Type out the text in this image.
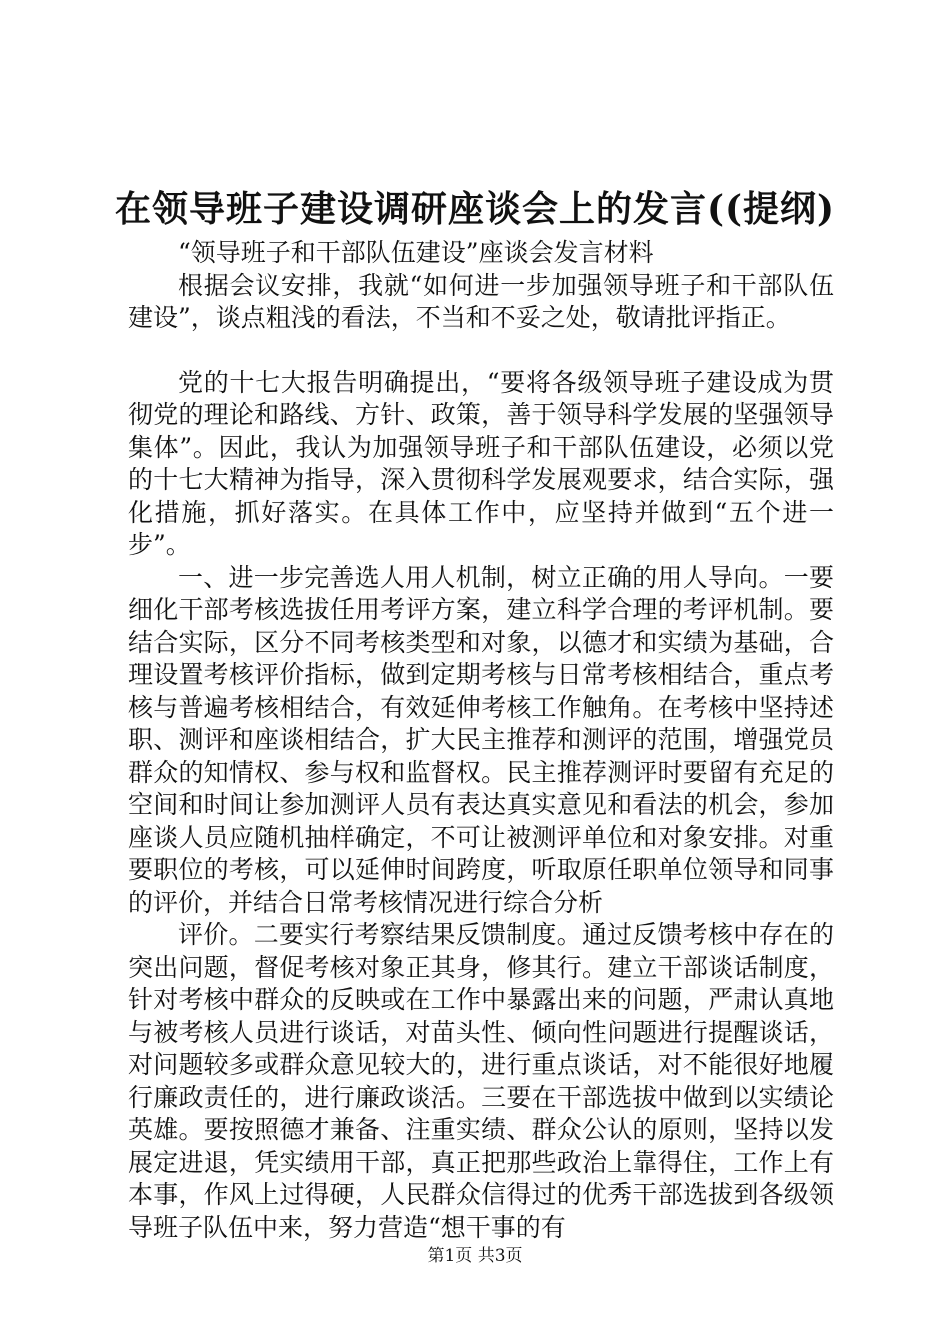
在领导班子建设调研座谈会上的发言((提纲)

“领导班子和干部队伍建设”座谈会发言材料

根据会议安排，我就“如何进一步加强领导班子和干部队伍建设”，谈点粗浅的看法，不当和不妥之处，敬请批评指正。

党的十七大报告明确提出，“要将各级领导班子建设成为贯彻党的理论和路线、方针、政策，善于领导科学发展的坚强领导集体”。因此，我认为加强领导班子和干部队伍建设，必须以党的十七大精神为指导，深入贯彻科学发展观要求，结合实际，强化措施，抓好落实。在具体工作中，应坚持并做到“五个进一步”。

一、进一步完善选人用人机制，树立正确的用人导向。一要细化干部考核选拔任用考评方案，建立科学合理的考评机制。要结合实际，区分不同考核类型和对象，以德才和实绩为基础，合理设置考核评价指标，做到定期考核与日常考核相结合，重点考核与普遍考核相结合，有效延伸考核工作触角。在考核中坚持述职、测评和座谈相结合，扩大民主推荐和测评的范围，增强党员群众的知情权、参与权和监督权。民主推荐测评时要留有充足的空间和时间让参加测评人员有表达真实意见和看法的机会，参加座谈人员应随机抽样确定，不可让被测评单位和对象安排。对重要职位的考核，可以延伸时间跨度，听取原任职单位领导和同事的评价，并结合日常考核情况进行综合分析

评价。二要实行考察结果反馈制度。通过反馈考核中存在的突出问题，督促考核对象正其身，修其行。建立干部谈话制度，针对考核中群众的反映或在工作中暴露出来的问题，严肃认真地与被考核人员进行谈话，对苗头性、倾向性问题进行提醒谈话，对问题较多或群众意见较大的，进行重点谈话，对不能很好地履行廉政责任的，进行廉政谈活。三要在干部选拔中做到以实绩论英雄。要按照德才兼备、注重实绩、群众公认的原则，坚持以发展定进退，凭实绩用干部，真正把那些政治上靠得住，工作上有本事，作风上过得硬，人民群众信得过的优秀干部选拔到各级领导班子队伍中来，努力营造“想干事的有

第1页 共3页
